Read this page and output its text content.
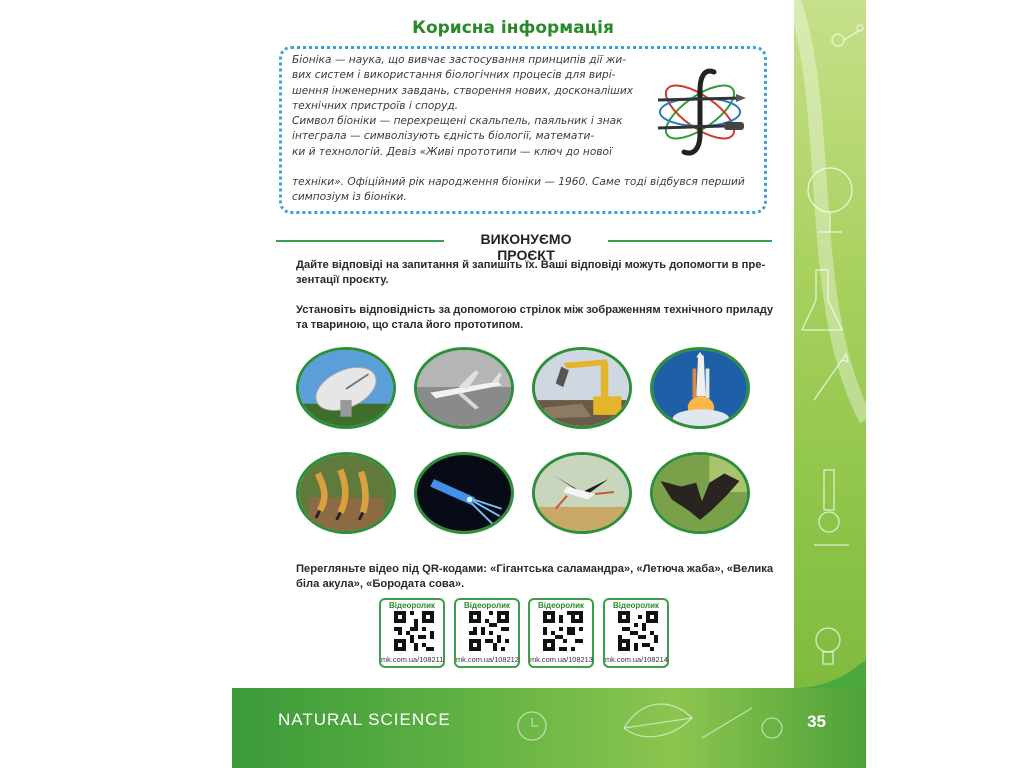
NATURAL SCIENCE	35
Корисна інформація
Біоніка — наука, що вивчає застосування принципів дії жи-
вих систем і використання біологічних процесів для вирі-
шення інженерних завдань, створення нових, досконаліших
технічних пристроїв і споруд.
Символ біоніки — перехрещені скальпель, паяльник і знак
інтеграла — символізують єдність біології, математи-
ки й технологій. Девіз «Живі прототипи — ключ до нової
техніки». Офіційний рік народження біоніки — 1960. Саме тоді відбувся перший
симпозіум із біоніки.
ВИКОНУЄМО ПРОЄКТ
Дайте відповіді на запитання й запишіть їх. Ваші відповіді можуть допомогти в пре-зентації проєкту.
Установіть відповідність за допомогою стрілок між зображенням технічного приладу та твариною, що стала його прототипом.
Перегляньте відео під QR-кодами: «Гігантська саламандра», «Летюча жаба», «Велика біла акула», «Бородата сова».
Відеоролик
mk.com.ua/108211
Відеоролик
mk.com.ua/108212
Відеоролик
mk.com.ua/108213
Відеоролик
mk.com.ua/108214
